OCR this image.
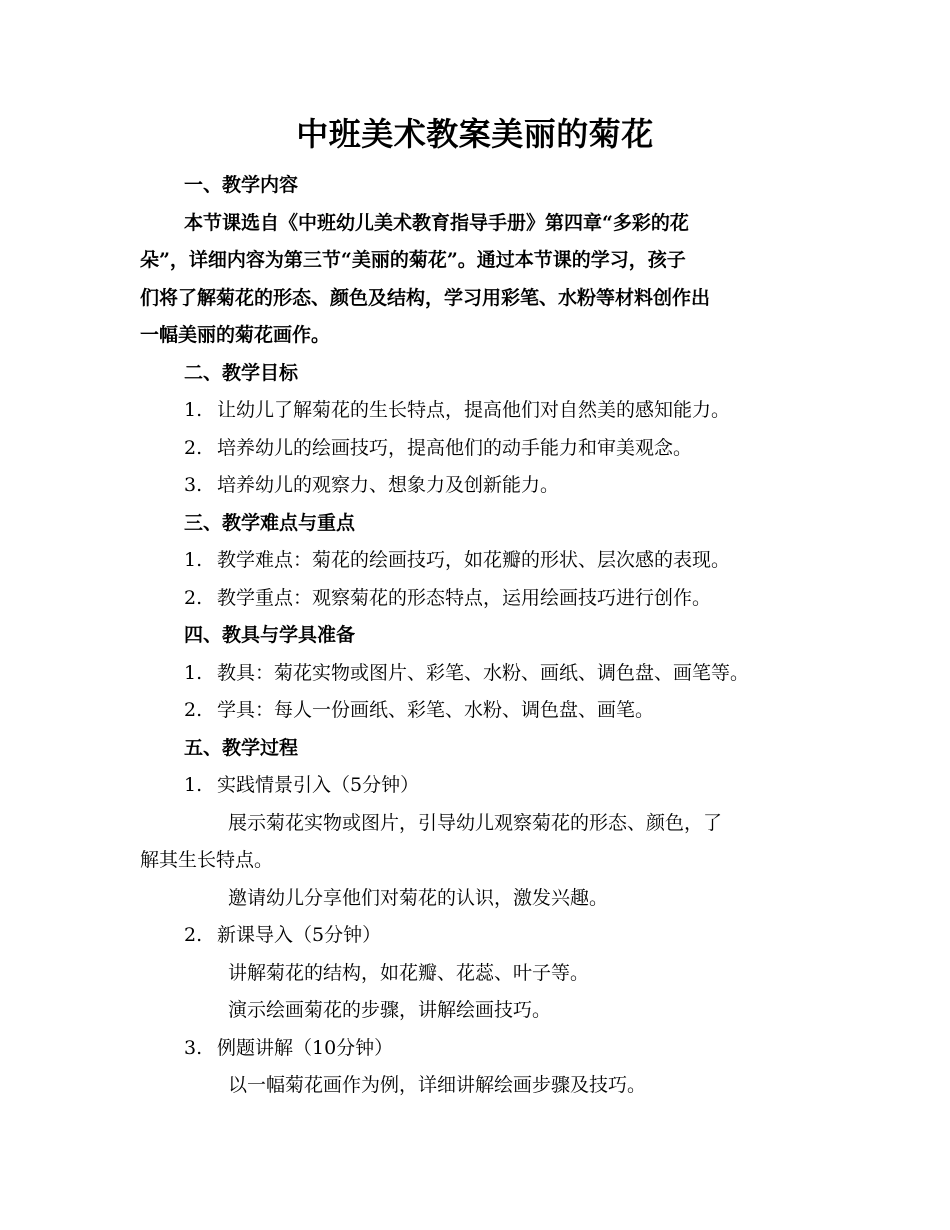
中班美术教案美丽的菊花
一、教学内容
本节课选自《中班幼儿美术教育指导手册》第四章“多彩的花
朵”，详细内容为第三节“美丽的菊花”。通过本节课的学习，孩子
们将了解菊花的形态、颜色及结构，学习用彩笔、水粉等材料创作出
一幅美丽的菊花画作。
二、教学目标
1. 让幼儿了解菊花的生长特点，提高他们对自然美的感知能力。
2. 培养幼儿的绘画技巧，提高他们的动手能力和审美观念。
3. 培养幼儿的观察力、想象力及创新能力。
三、教学难点与重点
1. 教学难点：菊花的绘画技巧，如花瓣的形状、层次感的表现。
2. 教学重点：观察菊花的形态特点，运用绘画技巧进行创作。
四、教具与学具准备
1. 教具：菊花实物或图片、彩笔、水粉、画纸、调色盘、画笔等。
2. 学具：每人一份画纸、彩笔、水粉、调色盘、画笔。
五、教学过程
1. 实践情景引入（5分钟）
展示菊花实物或图片，引导幼儿观察菊花的形态、颜色，了
解其生长特点。
邀请幼儿分享他们对菊花的认识，激发兴趣。
2. 新课导入（5分钟）
讲解菊花的结构，如花瓣、花蕊、叶子等。
演示绘画菊花的步骤，讲解绘画技巧。
3. 例题讲解（10分钟）
以一幅菊花画作为例，详细讲解绘画步骤及技巧。
